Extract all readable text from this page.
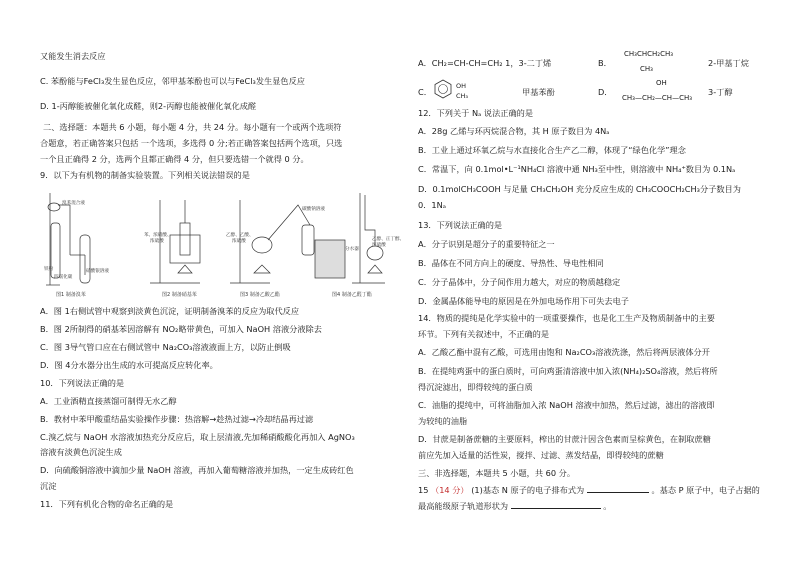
又能发生消去反应
C. 苯酚能与FeCl₃发生显色反应，邻甲基苯酚也可以与FeCl₃发生显色反应
D. 1-丙醇能被催化氧化成醛，则2-丙醇也能被催化氧化成醛
二、选择题：本题共 6 小题，每小题 4 分，共 24 分。每小题有一个或两个选项符
合题意，若正确答案只包括 一个选项，多选得 0 分;若正确答案包括两个选项，只选
一个且正确得 2 分，选两个且都正确得 4 分，但只要选错一个就得 0 分。
9．以下为有机物的制备实验装置。下列相关说法错误的是
溴苯混合液
铁粉
四氯化碳
硝酸银溶液
苯、浓硝酸、
浓硫酸
乙醇、乙酸、
浓硫酸
碳酸钠溶液
分水器
乙醇、正丁醇、
浓硫酸
图1 制备溴苯	图2 制备硝基苯	图3 制备乙酸乙酯	图4 制备乙醛丁酯
A．图 1右侧试管中观察到淡黄色沉淀，证明制备溴苯的反应为取代反应
B．图 2所制得的硝基苯因溶解有 NO₂略带黄色，可加入 NaOH 溶液分液除去
C．图 3导气管口应在右侧试管中 Na₂CO₃溶液液面上方，以防止倒吸
D．图 4分水器分出生成的水可提高反应转化率。
10．下列说法正确的是
A．工业酒精直接蒸馏可制得无水乙醇
B．教材中苯甲酸重结晶实验操作步骤：热溶解→趁热过滤→冷却结晶再过滤
C.溴乙烷与 NaOH 水溶液加热充分反应后，取上层清液,先加稀硝酸酸化再加入 AgNO₃
溶液有淡黄色沉淀生成
D．向硫酸铜溶液中滴加少量 NaOH 溶液，再加入葡萄糖溶液并加热，一定生成砖红色
沉淀
11．下列有机化合物的命名正确的是
A．CH₂=CH-CH=CH₂ 1，3-二丁烯	B．
CH₃CHCH₂CH₃
CH₃
2-甲基丁烷
C．
OH
CH₃	甲基苯酚	D．
OH
CH₃—CH₂—CH—CH₃
3-丁醇
12．下列关于 Nₐ 说法正确的是
A．28g 乙烯与环丙烷混合物，其 H 原子数目为 4Nₐ
B．工业上通过环氧乙烷与水直接化合生产乙二醇，体现了“绿色化学”理念
C．常温下，向 0.1mol•L⁻¹NH₄Cl 溶液中通 NH₃至中性，则溶液中 NH₄⁺数目为 0.1Nₐ
D．0.1molCH₃COOH 与足量 CH₃CH₂OH 充分反应生成的 CH₃COOCH₂CH₃分子数目为
0．1Nₐ
13．下列说法正确的是
A．分子识别是超分子的重要特征之一
B．晶体在不同方向上的硬度、导热性、导电性相同
C．分子晶体中，分子间作用力越大，对应的物质越稳定
D．金属晶体能导电的原因是在外加电场作用下可失去电子
14．物质的提纯是化学实验中的一项重要操作，也是化工生产及物质制备中的主要
环节。下列有关叙述中，不正确的是
A．乙酸乙酯中混有乙酸，可选用由饱和 Na₂CO₃溶液洗涤，然后将两层液体分开
B．在提纯鸡蛋中的蛋白质时，可向鸡蛋清溶液中加入浓(NH₄)₂SO₄溶液，然后将所
得沉淀滤出，即得较纯的蛋白质
C．油脂的提纯中，可将油脂加入浓 NaOH 溶液中加热，然后过滤，滤出的溶液即
为较纯的油脂
D．甘蔗是制备蔗糖的主要原料，榨出的甘蔗汁因含色素而呈棕黄色，在制取蔗糖
前应先加入适量的活性炭，搅拌、过滤、蒸发结晶，即得较纯的蔗糖
三、非选择题，本题共 5 小题，共 60 分。
15 （14 分） (1)基态 N 原子的电子排布式为	。基态 P 原子中，电子占据的
最高能级原子轨道形状为	。
